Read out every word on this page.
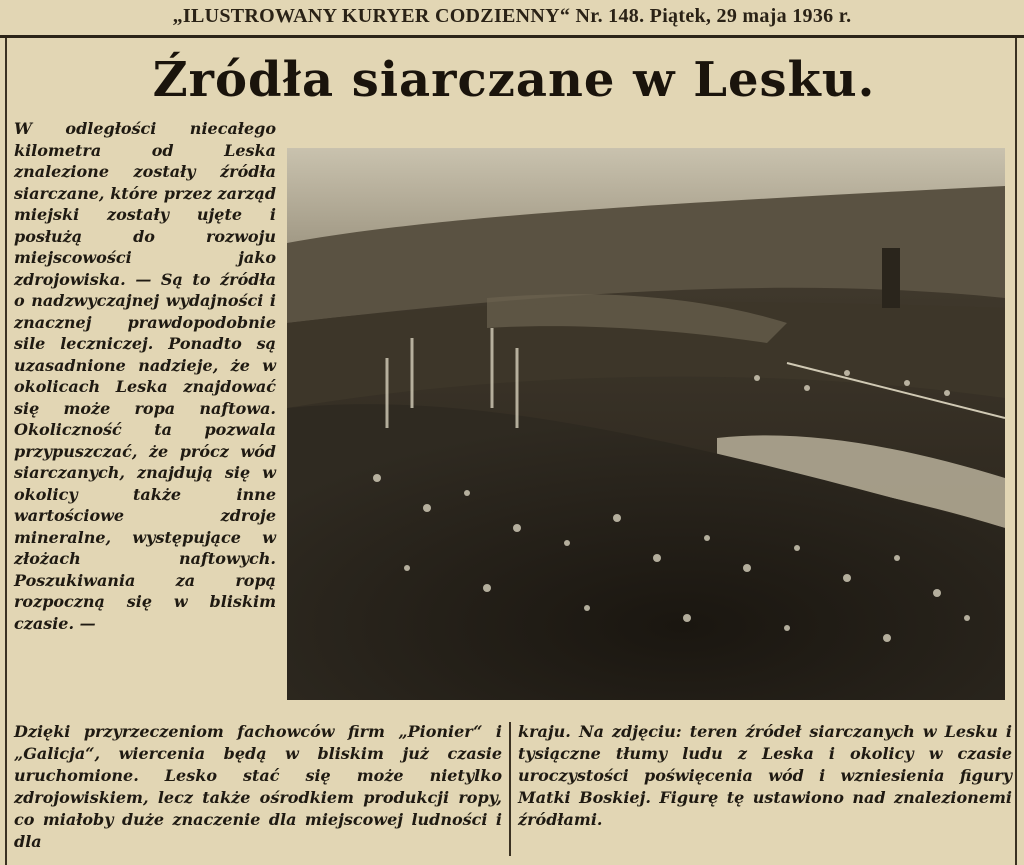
„ILUSTROWANY KURYER CODZIENNY“ Nr. 148. Piątek, 29 maja 1936 r.
Źródła siarczane w Lesku.

W odległości niecałego kilometra od Leska znalezione zostały źródła siarczane, które przez zarząd miejski zostały ujęte i posłużą do rozwoju miejscowości jako zdrojowiska. — Są to źródła o nadzwyczajnej wydajności i znacznej prawdopodobnie sile leczniczej. Ponadto są uzasadnione nadzieje, że w okolicach Leska znajdować się może ropa naftowa. Okoliczność ta pozwala przypuszczać, że prócz wód siarczanych, znajdują się w okolicy także inne wartościowe zdroje mineralne, występujące w złożach naftowych. Poszukiwania za ropą rozpoczną się w bliskim czasie. —

Dzięki przyrzeczeniom fachowców firm „Pionier“ i „Galicja“, wiercenia będą w bliskim już czasie uruchomione. Lesko stać się może nietylko zdrojowiskiem, lecz także ośrodkiem produkcji ropy, co miałoby duże znaczenie dla miejscowej ludności i dla

kraju. Na zdjęciu: teren źródeł siarczanych w Lesku i tysiączne tłumy ludu z Leska i okolicy w czasie uroczystości poświęcenia wód i wzniesienia figury Matki Boskiej. Figurę tę ustawiono nad znalezionemi źródłami.
